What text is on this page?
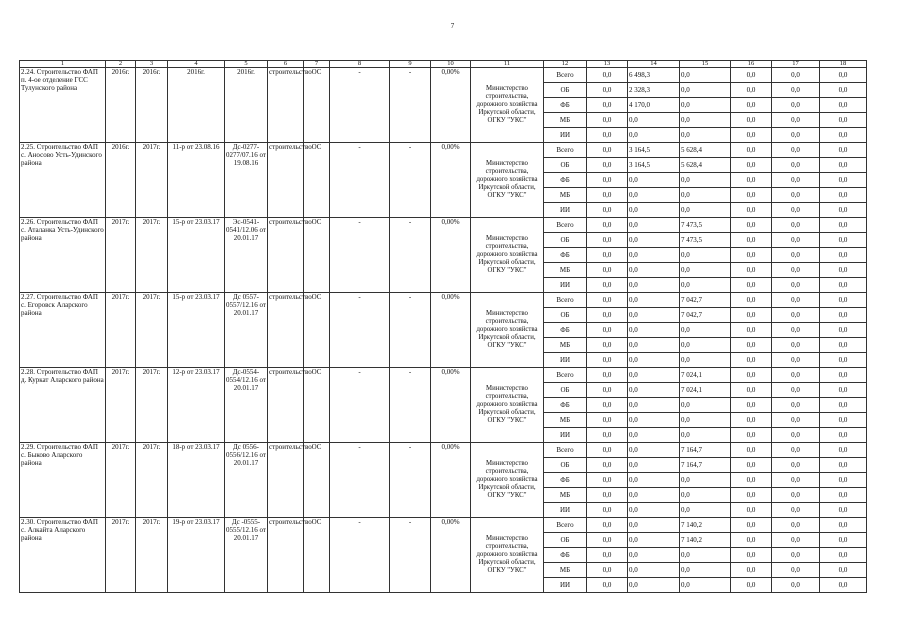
7
1	2	3	4	5	6	7	8	9	10	11	12	13	14	15	16	17	18
2.24. Строительство ФАП п. 4-ое отделение ГСС Тулунского района	2016г.	2016г.	2016г.	2016г.	строительство	ОС	-	-	0,00%	Министерство строительства, дорожного хозяйства Иркутской области, ОГКУ "УКС"	Всего	0,0	6 498,3	0,0	0,0	0,0	0,0
											ОБ	0,0	2 328,3	0,0	0,0	0,0	0,0
											ФБ	0,0	4 170,0	0,0	0,0	0,0	0,0
											МБ	0,0	0,0	0,0	0,0	0,0	0,0
											ИИ	0,0	0,0	0,0	0,0	0,0	0,0
2.25. Строительство ФАП с. Аносово Усть-Удинского района	2016г.	2017г.	11-р от 23.08.16	Дс-0277-0277/07.16 от 19.08.16	строительство	ОС	-	-	0,00%	Министерство строительства, дорожного хозяйства Иркутской области, ОГКУ "УКС"	Всего	0,0	3 164,5	5 628,4	0,0	0,0	0,0
											ОБ	0,0	3 164,5	5 628,4	0,0	0,0	0,0
											ФБ	0,0	0,0	0,0	0,0	0,0	0,0
											МБ	0,0	0,0	0,0	0,0	0,0	0,0
											ИИ	0,0	0,0	0,0	0,0	0,0	0,0
2.26. Строительство ФАП с. Аталанка Усть-Удинского района	2017г.	2017г.	15-р от 23.03.17	Эс-0541-0541/12.06 от 20.01.17	строительство	ОС	-	-	0,00%	Министерство строительства, дорожного хозяйства Иркутской области, ОГКУ "УКС"	Всего	0,0	0,0	7 473,5	0,0	0,0	0,0
											ОБ	0,0	0,0	7 473,5	0,0	0,0	0,0
											ФБ	0,0	0,0	0,0	0,0	0,0	0,0
											МБ	0,0	0,0	0,0	0,0	0,0	0,0
											ИИ	0,0	0,0	0,0	0,0	0,0	0,0
2.27. Строительство ФАП с. Егоровск Аларского района	2017г.	2017г.	15-р от 23.03.17	Дс 0557-0557/12.16 от 20.01.17	строительство	ОС	-	-	0,00%	Министерство строительства, дорожного хозяйства Иркутской области, ОГКУ "УКС"	Всего	0,0	0,0	7 042,7	0,0	0,0	0,0
											ОБ	0,0	0,0	7 042,7	0,0	0,0	0,0
											ФБ	0,0	0,0	0,0	0,0	0,0	0,0
											МБ	0,0	0,0	0,0	0,0	0,0	0,0
											ИИ	0,0	0,0	0,0	0,0	0,0	0,0
2.28. Строительство ФАП д. Куркат Аларского района	2017г.	2017г.	12-р от 23.03.17	Дс-0554-0554/12.16 от 20.01.17	строительство	ОС	-	-	0,00%	Министерство строительства, дорожного хозяйства Иркутской области, ОГКУ "УКС"	Всего	0,0	0,0	7 024,1	0,0	0,0	0,0
											ОБ	0,0	0,0	7 024,1	0,0	0,0	0,0
											ФБ	0,0	0,0	0,0	0,0	0,0	0,0
											МБ	0,0	0,0	0,0	0,0	0,0	0,0
											ИИ	0,0	0,0	0,0	0,0	0,0	0,0
2.29. Строительство ФАП с. Быково Аларского района	2017г.	2017г.	18-р от 23.03.17	Дс 0556-0556/12.16 от 20.01.17	строительство	ОС	-	-	0,00%	Министерство строительства, дорожного хозяйства Иркутской области, ОГКУ "УКС"	Всего	0,0	0,0	7 164,7	0,0	0,0	0,0
											ОБ	0,0	0,0	7 164,7	0,0	0,0	0,0
											ФБ	0,0	0,0	0,0	0,0	0,0	0,0
											МБ	0,0	0,0	0,0	0,0	0,0	0,0
											ИИ	0,0	0,0	0,0	0,0	0,0	0,0
2.30. Строительство ФАП с. Алкайта Аларского района	2017г.	2017г.	19-р от 23.03.17	Дс -0555-0555/12.16 от 20.01.17	строительство	ОС	-	-	0,00%	Министерство строительства, дорожного хозяйства Иркутской области, ОГКУ "УКС"	Всего	0,0	0,0	7 140,2	0,0	0,0	0,0
											ОБ	0,0	0,0	7 140,2	0,0	0,0	0,0
											ФБ	0,0	0,0	0,0	0,0	0,0	0,0
											МБ	0,0	0,0	0,0	0,0	0,0	0,0
											ИИ	0,0	0,0	0,0	0,0	0,0	0,0
